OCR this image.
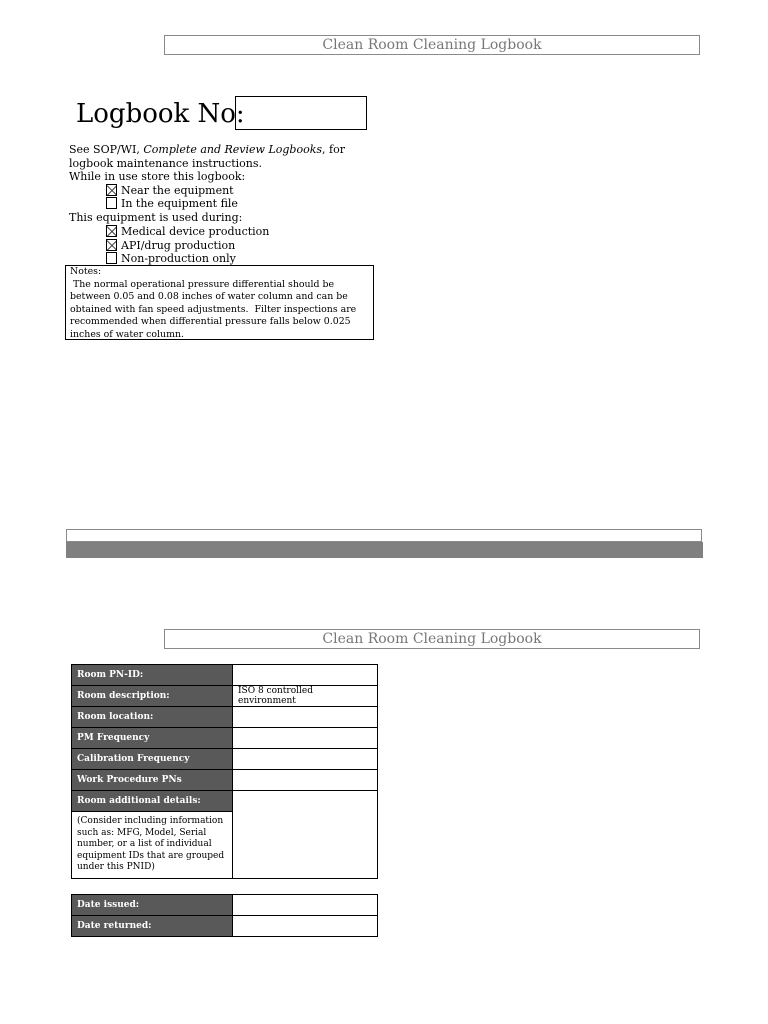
Clean Room Cleaning Logbook
Logbook No:

See SOP/WI, Complete and Review Logbooks, for logbook maintenance instructions.

While in use store this logbook:

Near the equipment
In the equipment file

This equipment is used during:

Medical device production
API/drug production
Non-production only

Notes:

The normal operational pressure differential should be between 0.05 and 0.08 inches of water column and can be obtained with fan speed adjustments.  Filter inspections are recommended when differential pressure falls below 0.025 inches of water column.

Clean Room Cleaning Logbook
Room PN-ID:	
Room description:	ISO 8 controlled environment
Room location:	
PM Frequency	
Calibration Frequency	
Work Procedure PNs	
Room additional details:	
(Consider including information such as: MFG, Model, Serial number, or a list of individual equipment IDs that are grouped under this PNID)	
Date issued:	
Date returned:	
